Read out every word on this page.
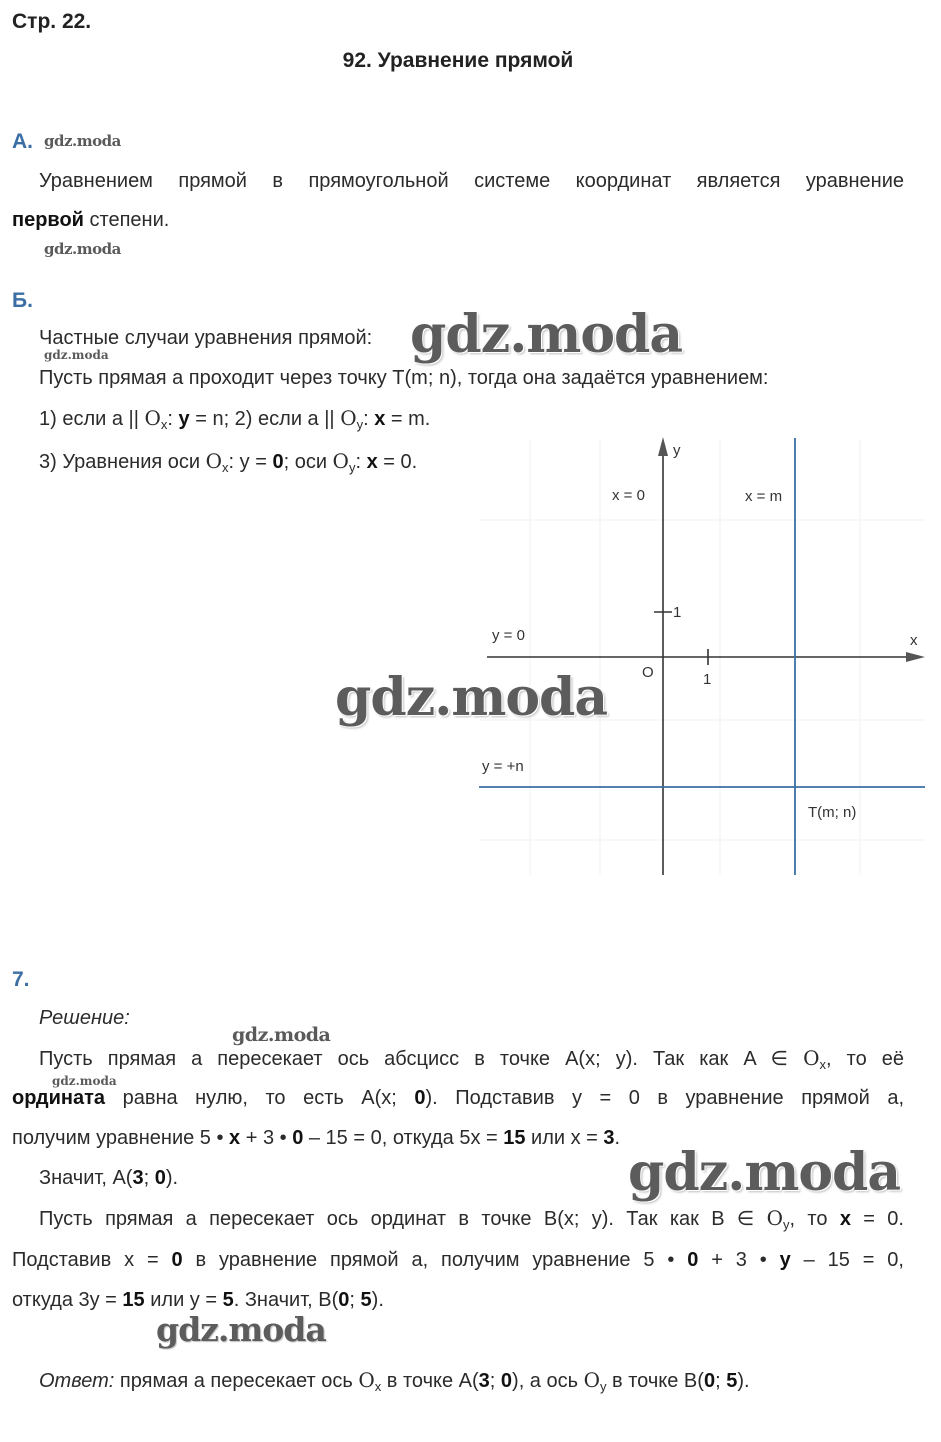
Стр. 22.
92. Уравнение прямой
А. gdz.moda
Уравнением прямой в прямоугольной системе координат является уравнение
первой степени.
gdz.moda
Б.
Частные случаи уравнения прямой:
gdz.moda
Пусть прямая a проходит через точку T(m; n), тогда она задаётся уравнением:
1) если a || $O_x$: y = n; 2) если a || $O_y$: x = m.
3) Уравнения оси $O_x$: y = 0; оси $O_y$: x = 0.
y
x
x = 0	x = m
y = 0
y = +n
O	1
1
T(m; n)
gdz.moda
gdz.moda
7.
Решение:
gdz.moda
Пусть прямая a пересекает ось абсцисс в точке A(x; y). Так как A ∈ $O_x$, то её
gdz.moda
ордината равна нулю, то есть A(x; 0). Подставив y = 0 в уравнение прямой a,
получим уравнение 5 • x + 3 • 0 – 15 = 0, откуда 5x = 15 или x = 3.
Значит, A(3; 0).	gdz.moda
Пусть прямая a пересекает ось ординат в точке B(x; y). Так как B ∈ $O_y$, то x = 0.
Подставив x = 0 в уравнение прямой a, получим уравнение 5 • 0 + 3 • y – 15 = 0,
откуда 3y = 15 или y = 5. Значит, B(0; 5).
gdz.moda
Ответ: прямая a пересекает ось $O_x$ в точке A(3; 0), а ось $O_y$ в точке B(0; 5).
